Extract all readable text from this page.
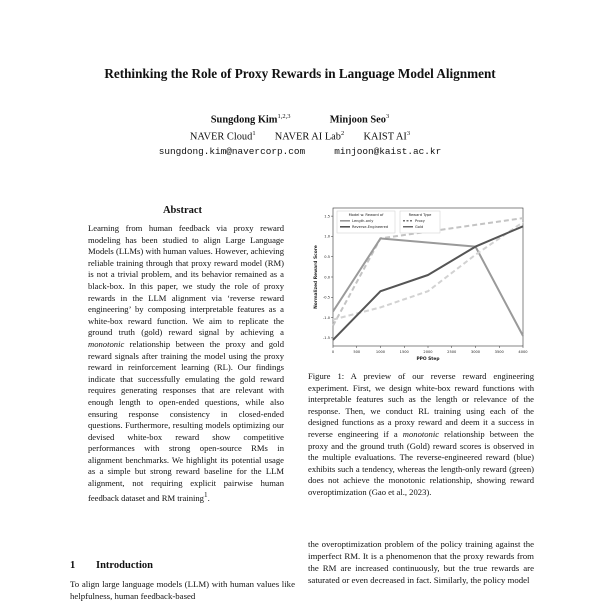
Rethinking the Role of Proxy Rewards in Language Model Alignment
Sungdong Kim$^{1,2,3}$	Minjoon Seo$^3$
NAVER Cloud$^1$ NAVER AI Lab$^2$ KAIST $AI^3$
sungdong.kim@navercorp.com	minjoon@kaist.ac.kr
Abstract
Learning from human feedback via proxy reward modeling has been studied to align Large Language Models (LLMs) with human values. However, achieving reliable training through that proxy reward model (RM) is not a trivial problem, and its behavior remained as a black-box. In this paper, we study the role of proxy rewards in the LLM alignment via ‘reverse reward engineering’ by composing interpretable features as a white-box reward function. We aim to replicate the ground truth (gold) reward signal by achieving a monotonic relationship between the proxy and gold reward signals after training the model using the proxy reward in reinforcement learning (RL). Our findings indicate that successfully emulating the gold reward requires generating responses that are relevant with enough length to open-ended questions, while also ensuring response consistency in closed-ended questions. Furthermore, resulting models optimizing our devised white-box reward show competitive performances with strong open-source RMs in alignment benchmarks. We highlight its potential usage as a simple but strong reward baseline for the LLM alignment, not requiring explicit pairwise human feedback dataset and RM training$^1$.
1 Introduction
To align large language models (LLM) with human values like helpfulness, human feedback-based
0	500	1000	1500	2000	2500	3000	3500	4000
-1.5
-1.0
-0.5
0.0
0.5
1.0
1.5
PPO Step
Normalized Reward Score
Model w. Reward of
Length-only
Reverse-Engineered
Reward Type
Proxy
Gold
Figure 1: A preview of our reverse reward engineering experiment. First, we design white-box reward functions with interpretable features such as the length or relevance of the response. Then, we conduct RL training using each of the designed functions as a proxy reward and deem it a success in reverse engineering if a monotonic relationship between the proxy and the ground truth (Gold) reward scores is observed in the multiple evaluations. The reverse-engineered reward (blue) exhibits such a tendency, whereas the length-only reward (green) does not achieve the monotonic relationship, showing reward overoptimization (Gao et al., 2023).
the overoptimization problem of the policy training against the imperfect RM. It is a phenomenon that the proxy rewards from the RM are increased continuously, but the true rewards are saturated or even decreased in fact. Similarly, the policy model
